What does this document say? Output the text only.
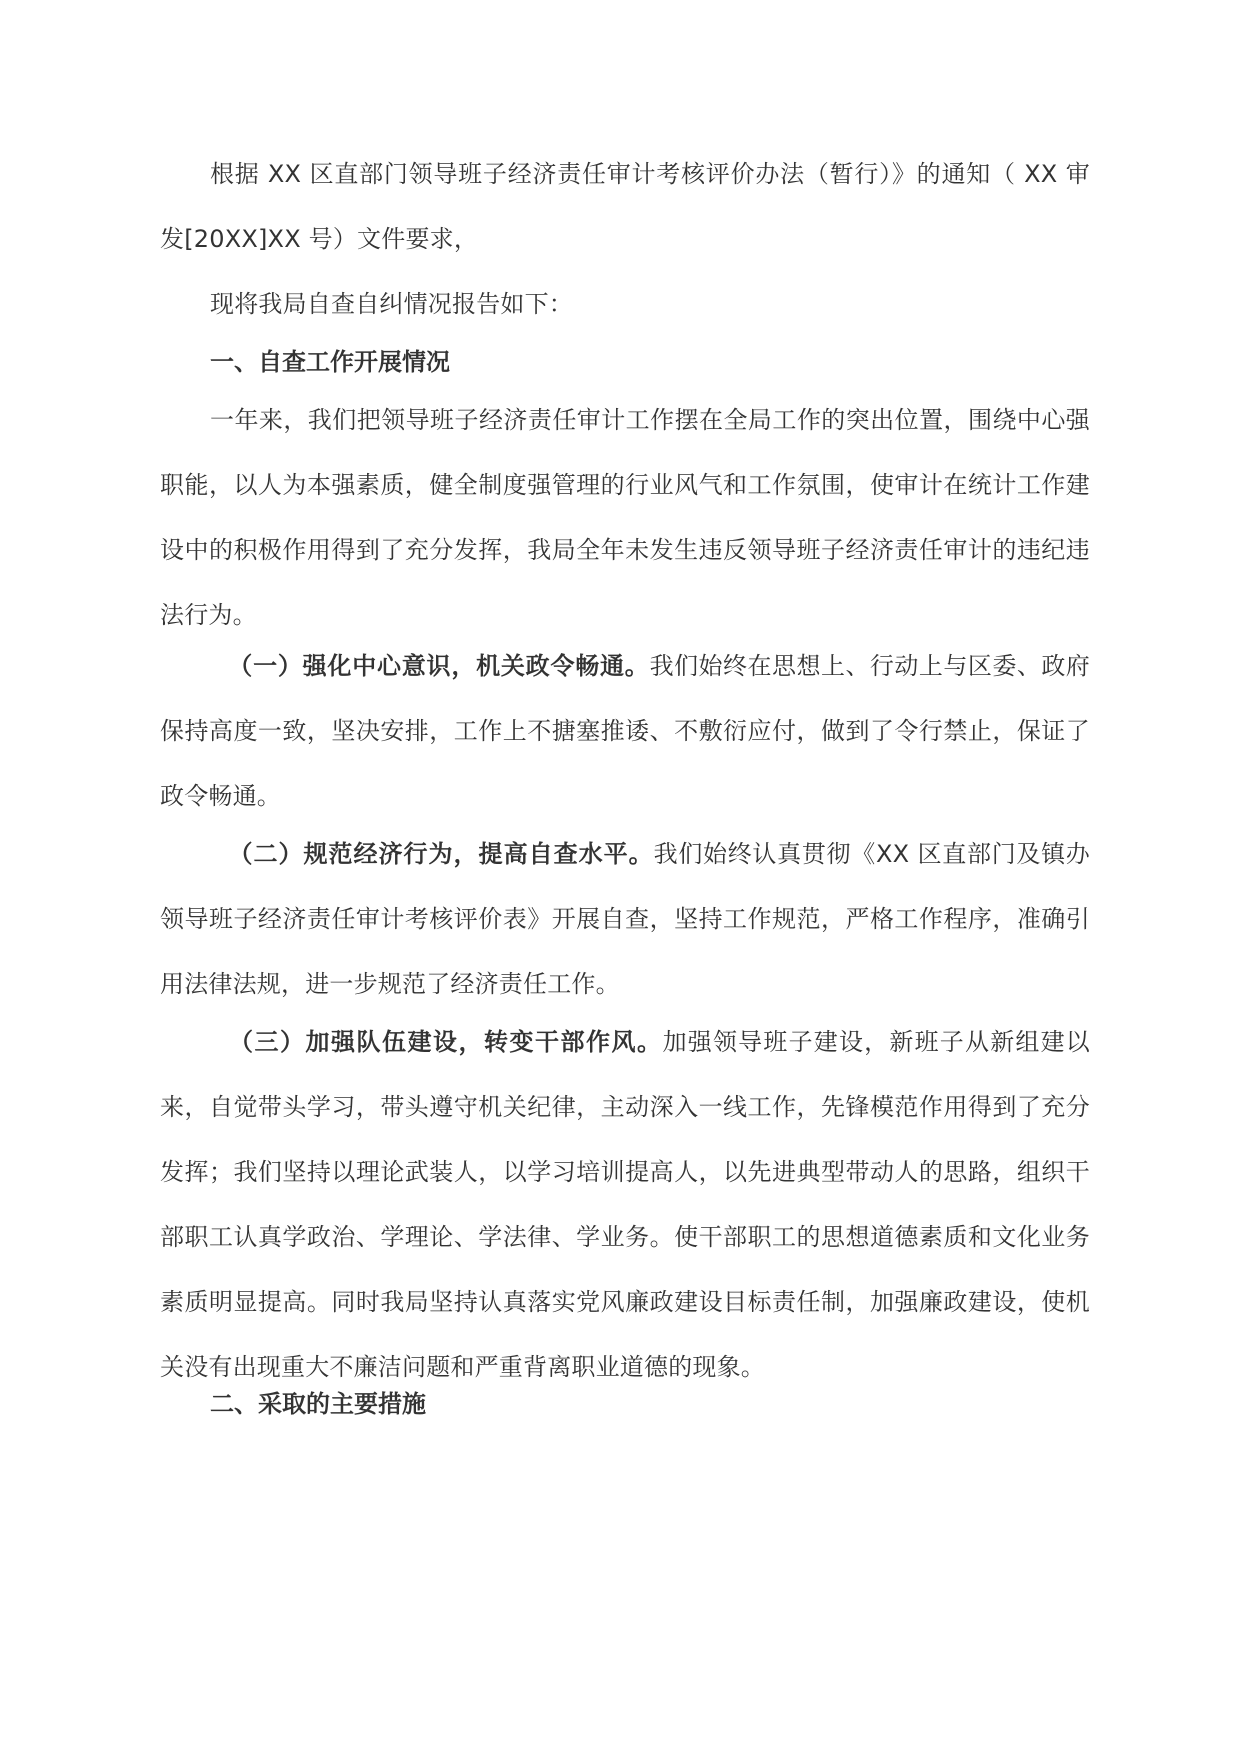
根据 XX 区直部门领导班子经济责任审计考核评价办法（暂行）》的通知（ XX 审发[20XX]XX 号）文件要求，

现将我局自查自纠情况报告如下：

一、自查工作开展情况

一年来，我们把领导班子经济责任审计工作摆在全局工作的突出位置，围绕中心强职能，以人为本强素质，健全制度强管理的行业风气和工作氛围，使审计在统计工作建设中的积极作用得到了充分发挥，我局全年未发生违反领导班子经济责任审计的违纪违法行为。

（一）强化中心意识，机关政令畅通。我们始终在思想上、行动上与区委、政府保持高度一致，坚决安排，工作上不搪塞推诿、不敷衍应付，做到了令行禁止，保证了政令畅通。

（二）规范经济行为，提高自查水平。我们始终认真贯彻《XX 区直部门及镇办领导班子经济责任审计考核评价表》开展自查，坚持工作规范，严格工作程序，准确引用法律法规，进一步规范了经济责任工作。

（三）加强队伍建设，转变干部作风。加强领导班子建设，新班子从新组建以来，自觉带头学习，带头遵守机关纪律，主动深入一线工作，先锋模范作用得到了充分发挥；我们坚持以理论武装人，以学习培训提高人，以先进典型带动人的思路，组织干部职工认真学政治、学理论、学法律、学业务。使干部职工的思想道德素质和文化业务素质明显提高。同时我局坚持认真落实党风廉政建设目标责任制，加强廉政建设，使机关没有出现重大不廉洁问题和严重背离职业道德的现象。

二、采取的主要措施
